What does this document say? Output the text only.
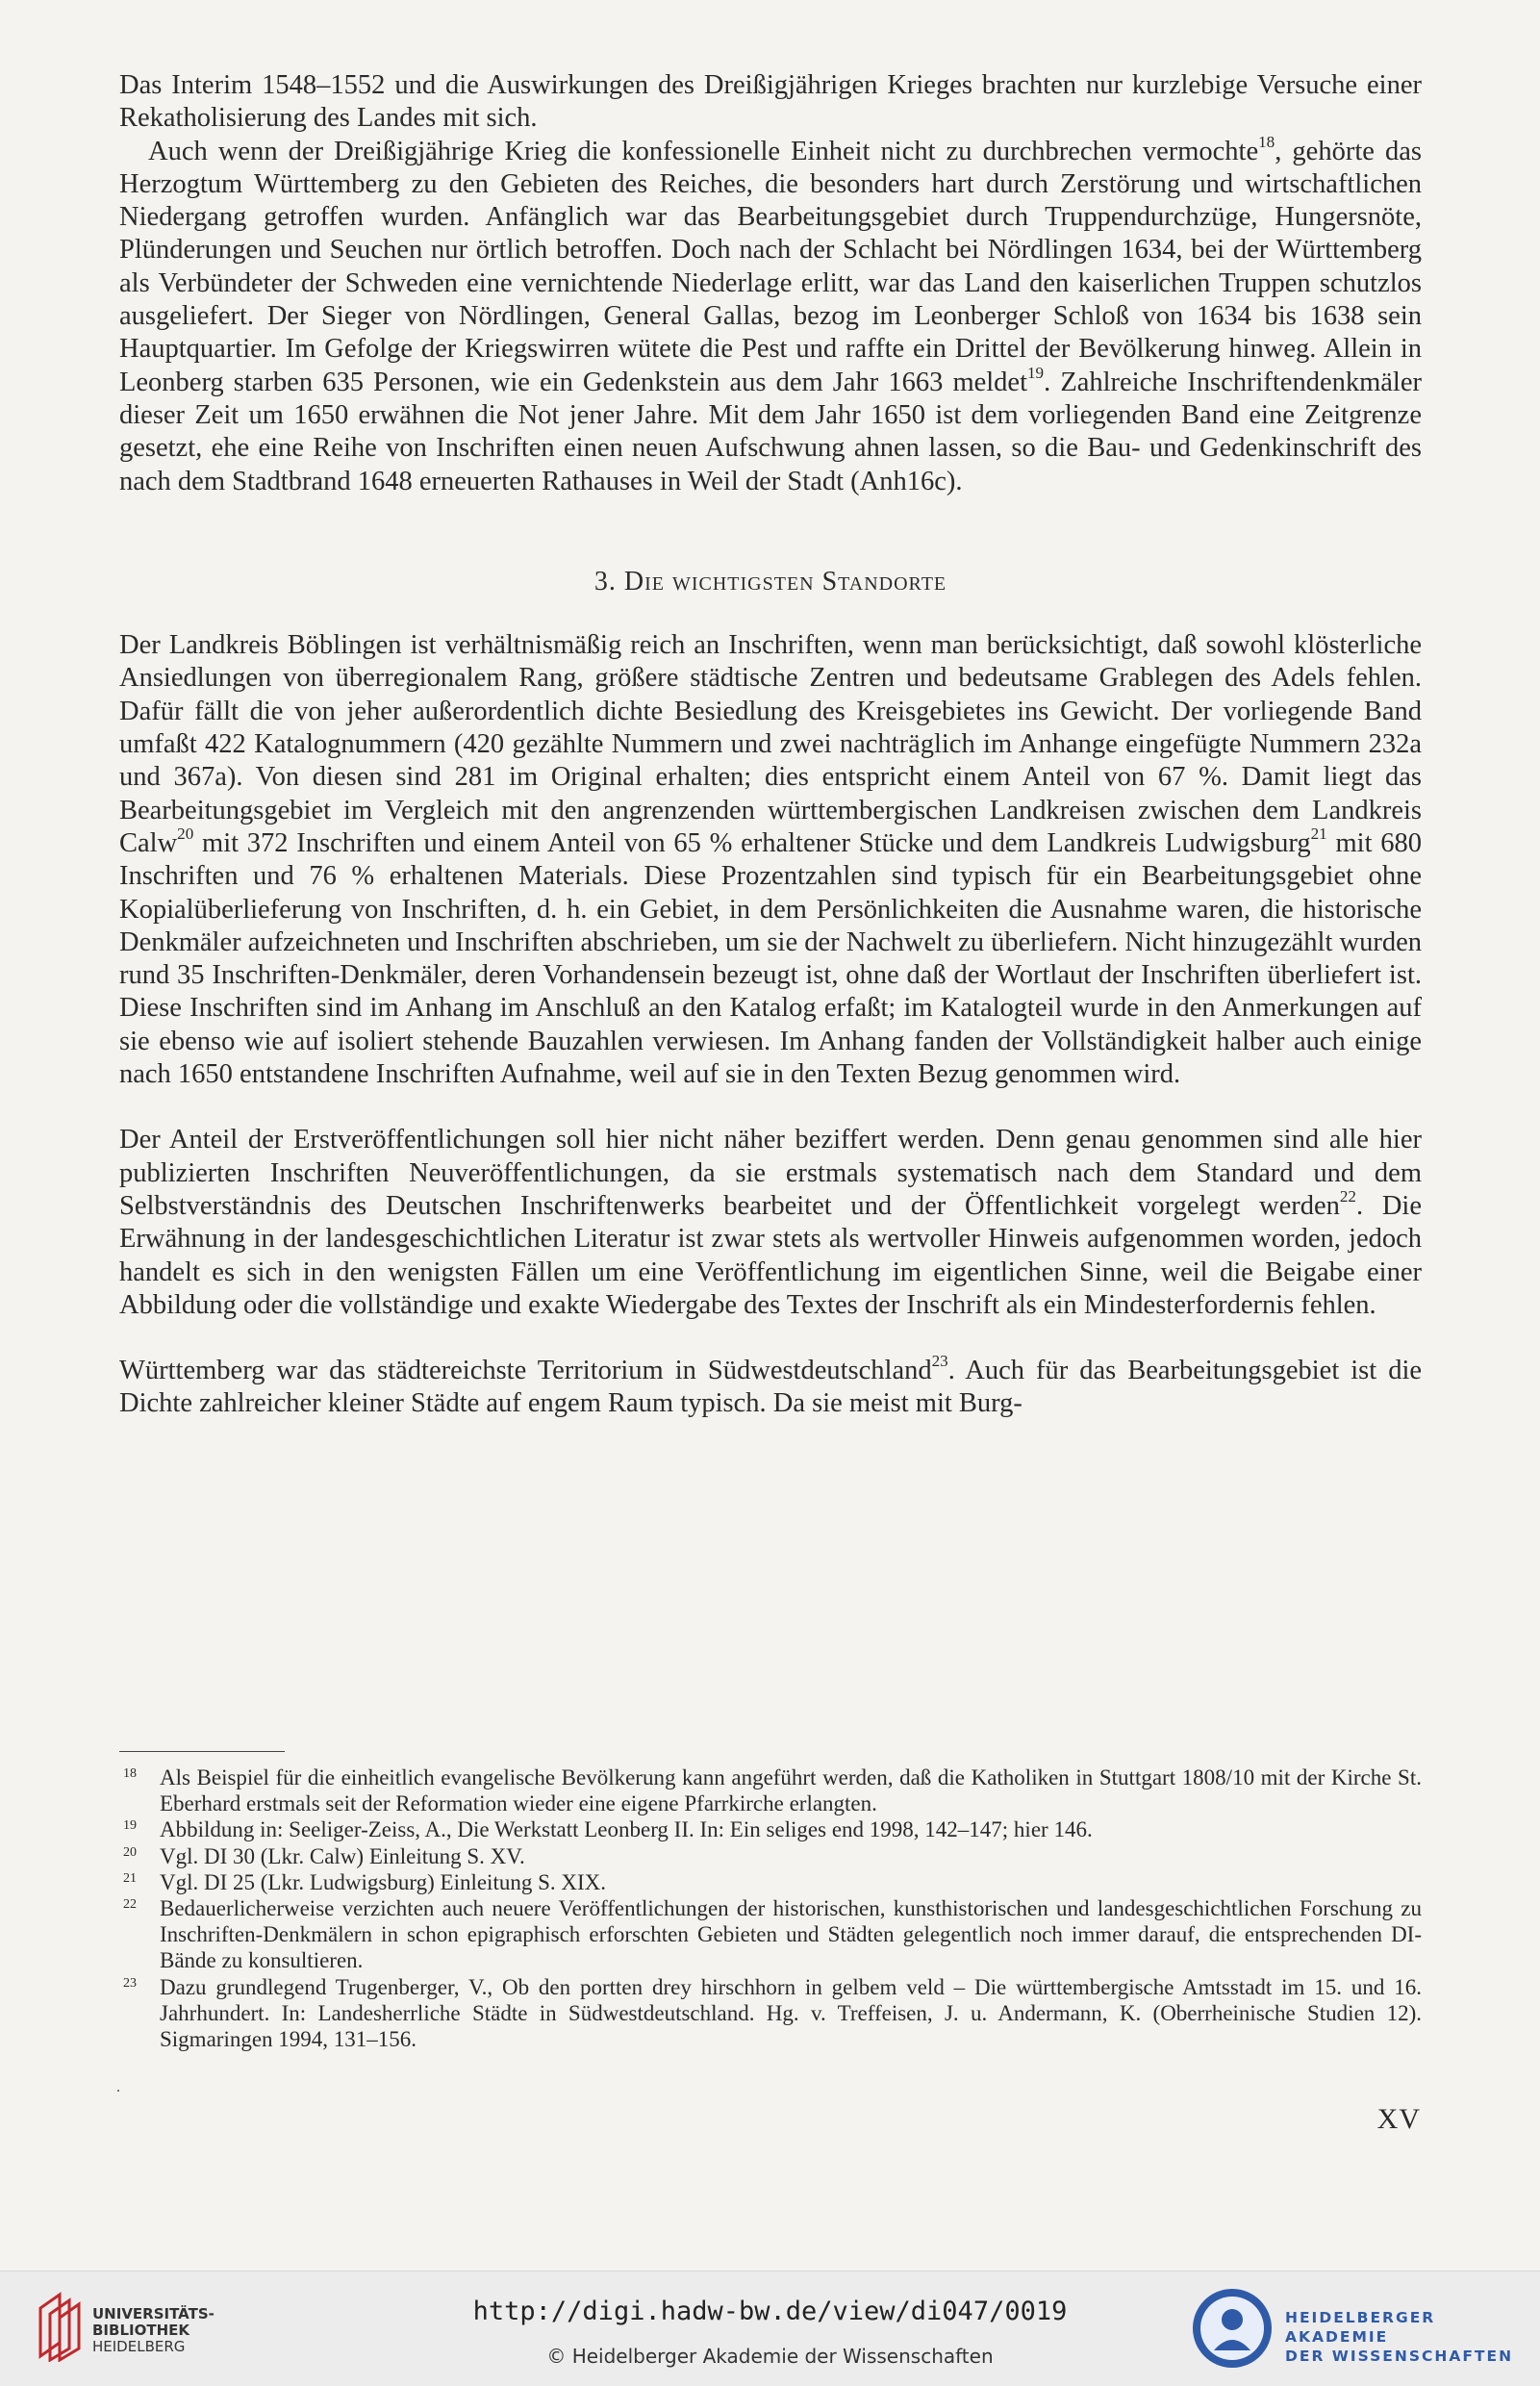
Das Interim 1548–1552 und die Auswirkungen des Dreißigjährigen Krieges brachten nur kurzlebige Versuche einer Rekatholisierung des Landes mit sich.

Auch wenn der Dreißigjährige Krieg die konfessionelle Einheit nicht zu durchbrechen vermochte$^{18}$, gehörte das Herzogtum Württemberg zu den Gebieten des Reiches, die besonders hart durch Zerstörung und wirtschaftlichen Niedergang getroffen wurden. Anfänglich war das Bearbeitungsgebiet durch Truppendurchzüge, Hungersnöte, Plünderungen und Seuchen nur örtlich betroffen. Doch nach der Schlacht bei Nördlingen 1634, bei der Württemberg als Verbündeter der Schweden eine vernichtende Niederlage erlitt, war das Land den kaiserlichen Truppen schutzlos ausgeliefert. Der Sieger von Nördlingen, General Gallas, bezog im Leonberger Schloß von 1634 bis 1638 sein Hauptquartier. Im Gefolge der Kriegswirren wütete die Pest und raffte ein Drittel der Bevölkerung hinweg. Allein in Leonberg starben 635 Personen, wie ein Gedenkstein aus dem Jahr 1663 meldet$^{19}$. Zahlreiche Inschriftendenkmäler dieser Zeit um 1650 erwähnen die Not jener Jahre. Mit dem Jahr 1650 ist dem vorliegenden Band eine Zeitgrenze gesetzt, ehe eine Reihe von Inschriften einen neuen Aufschwung ahnen lassen, so die Bau- und Gedenkinschrift des nach dem Stadtbrand 1648 erneuerten Rathauses in Weil der Stadt (Anh16c).

3. Die wichtigsten Standorte

Der Landkreis Böblingen ist verhältnismäßig reich an Inschriften, wenn man berücksichtigt, daß sowohl klösterliche Ansiedlungen von überregionalem Rang, größere städtische Zentren und bedeutsame Grablegen des Adels fehlen. Dafür fällt die von jeher außerordentlich dichte Besiedlung des Kreisgebietes ins Gewicht. Der vorliegende Band umfaßt 422 Katalognummern (420 gezählte Nummern und zwei nachträglich im Anhange eingefügte Nummern 232a und 367a). Von diesen sind 281 im Original erhalten; dies entspricht einem Anteil von 67 %. Damit liegt das Bearbeitungsgebiet im Vergleich mit den angrenzenden württembergischen Landkreisen zwischen dem Landkreis Calw$^{20}$ mit 372 Inschriften und einem Anteil von 65 % erhaltener Stücke und dem Landkreis Ludwigsburg$^{21}$ mit 680 Inschriften und 76 % erhaltenen Materials. Diese Prozentzahlen sind typisch für ein Bearbeitungsgebiet ohne Kopialüberlieferung von Inschriften, d. h. ein Gebiet, in dem Persönlichkeiten die Ausnahme waren, die historische Denkmäler aufzeichneten und Inschriften abschrieben, um sie der Nachwelt zu überliefern. Nicht hinzugezählt wurden rund 35 Inschriften-Denkmäler, deren Vorhandensein bezeugt ist, ohne daß der Wortlaut der Inschriften überliefert ist. Diese Inschriften sind im Anhang im Anschluß an den Katalog erfaßt; im Katalogteil wurde in den Anmerkungen auf sie ebenso wie auf isoliert stehende Bauzahlen verwiesen. Im Anhang fanden der Vollständigkeit halber auch einige nach 1650 entstandene Inschriften Aufnahme, weil auf sie in den Texten Bezug genommen wird.

Der Anteil der Erstveröffentlichungen soll hier nicht näher beziffert werden. Denn genau genommen sind alle hier publizierten Inschriften Neuveröffentlichungen, da sie erstmals systematisch nach dem Standard und dem Selbstverständnis des Deutschen Inschriftenwerks bearbeitet und der Öffentlichkeit vorgelegt werden$^{22}$. Die Erwähnung in der landesgeschichtlichen Literatur ist zwar stets als wertvoller Hinweis aufgenommen worden, jedoch handelt es sich in den wenigsten Fällen um eine Veröffentlichung im eigentlichen Sinne, weil die Beigabe einer Abbildung oder die vollständige und exakte Wiedergabe des Textes der Inschrift als ein Mindesterfordernis fehlen.

Württemberg war das städtereichste Territorium in Südwestdeutschland$^{23}$. Auch für das Bearbeitungsgebiet ist die Dichte zahlreicher kleiner Städte auf engem Raum typisch. Da sie meist mit Burg-

18 Als Beispiel für die einheitlich evangelische Bevölkerung kann angeführt werden, daß die Katholiken in Stuttgart 1808/10 mit der Kirche St. Eberhard erstmals seit der Reformation wieder eine eigene Pfarrkirche erlangten.
19 Abbildung in: Seeliger-Zeiss, A., Die Werkstatt Leonberg II. In: Ein seliges end 1998, 142–147; hier 146.
20 Vgl. DI 30 (Lkr. Calw) Einleitung S. XV.
21 Vgl. DI 25 (Lkr. Ludwigsburg) Einleitung S. XIX.
22 Bedauerlicherweise verzichten auch neuere Veröffentlichungen der historischen, kunsthistorischen und landesgeschichtlichen Forschung zu Inschriften-Denkmälern in schon epigraphisch erforschten Gebieten und Städten gelegentlich noch immer darauf, die entsprechenden DI-Bände zu konsultieren.
23 Dazu grundlegend Trugenberger, V., Ob den portten drey hirschhorn in gelbem veld – Die württembergische Amtsstadt im 15. und 16. Jahrhundert. In: Landesherrliche Städte in Südwestdeutschland. Hg. v. Treffeisen, J. u. Andermann, K. (Oberrheinische Studien 12). Sigmaringen 1994, 131–156.
XV
UNIVERSITÄTS-
BIBLIOTHEK
HEIDELBERG
http://digi.hadw-bw.de/view/di047/0019
© Heidelberger Akademie der Wissenschaften
HEIDELBERGER AKADEMIE
DER WISSENSCHAFTEN
